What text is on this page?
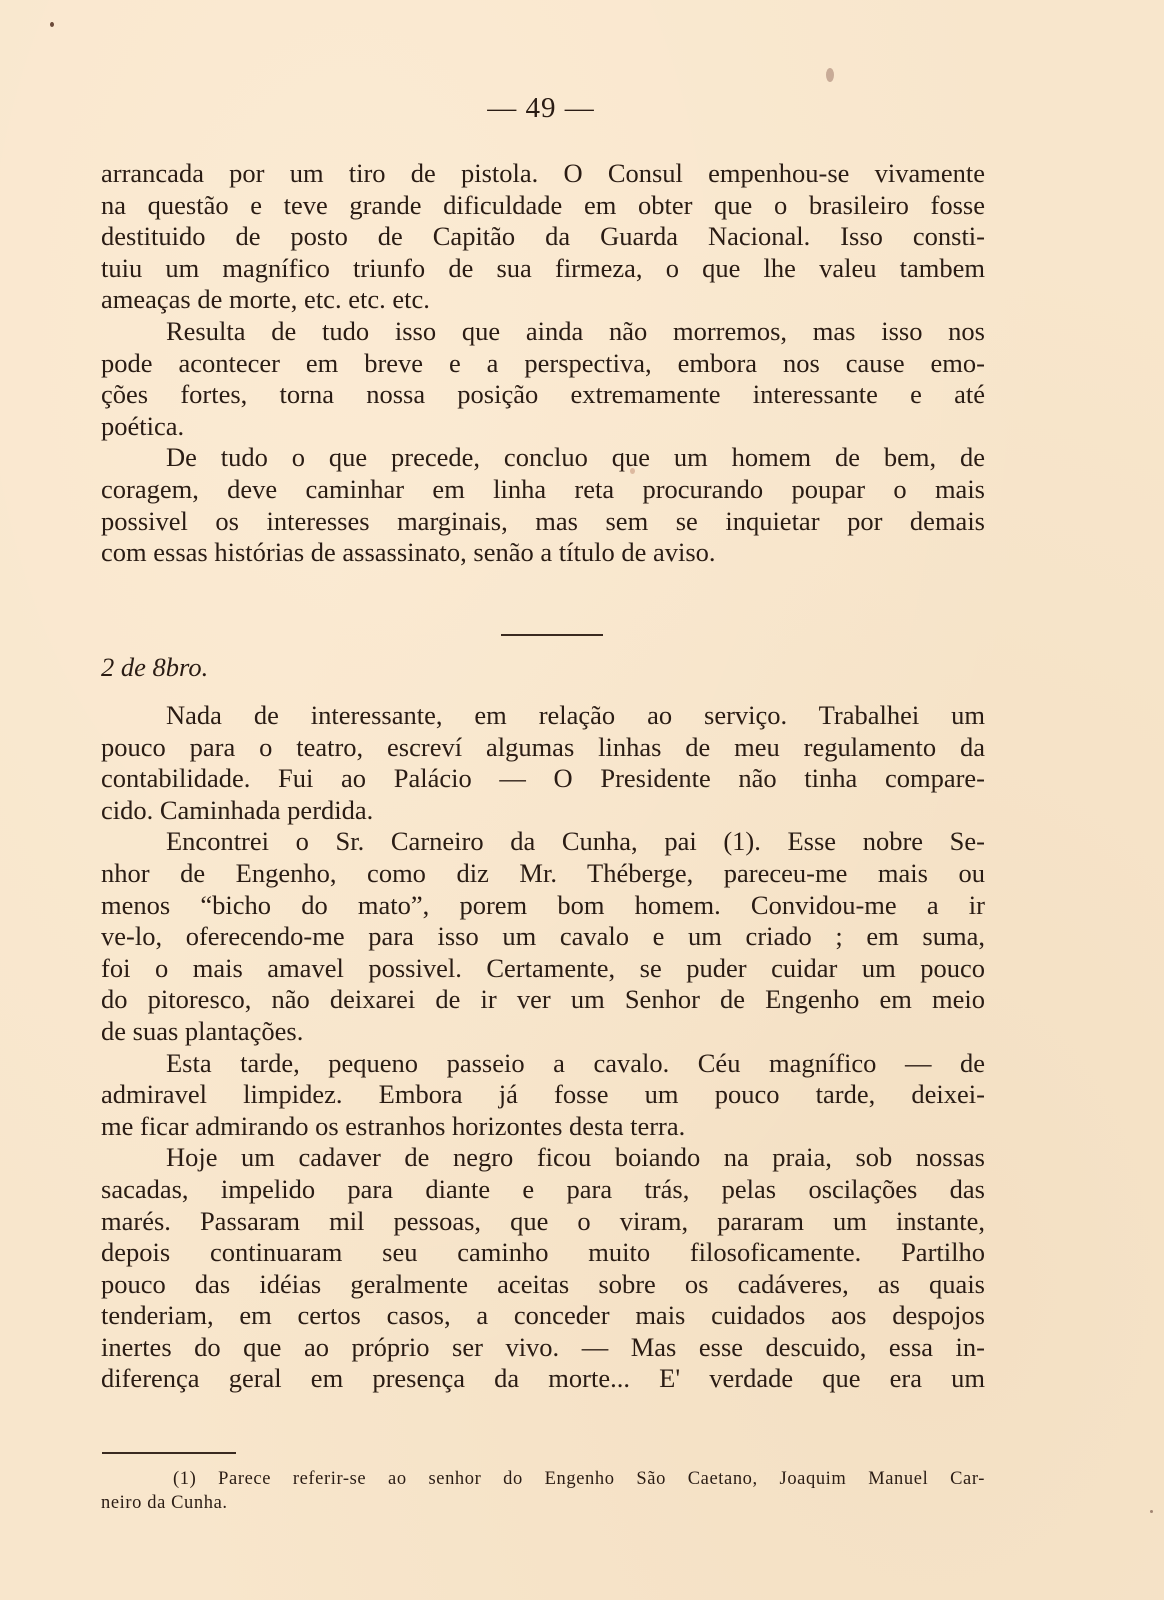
— 49 —
arrancada por um tiro de pistola. O Consul empenhou-se vivamente
na questão e teve grande dificuldade em obter que o brasileiro fosse
destituido de posto de Capitão da Guarda Nacional. Isso consti-
tuiu um magnífico triunfo de sua firmeza, o que lhe valeu tambem
ameaças de morte, etc. etc. etc.
Resulta de tudo isso que ainda não morremos, mas isso nos
pode acontecer em breve e a perspectiva, embora nos cause emo-
ções fortes, torna nossa posição extremamente interessante e até
poética.
De tudo o que precede, concluo que um homem de bem, de
coragem, deve caminhar em linha reta procurando poupar o mais
possivel os interesses marginais, mas sem se inquietar por demais
com essas histórias de assassinato, senão a título de aviso.
2 de 8bro.
Nada de interessante, em relação ao serviço. Trabalhei um
pouco para o teatro, escreví algumas linhas de meu regulamento da
contabilidade. Fui ao Palácio — O Presidente não tinha compare-
cido. Caminhada perdida.
Encontrei o Sr. Carneiro da Cunha, pai (1). Esse nobre Se-
nhor de Engenho, como diz Mr. Théberge, pareceu-me mais ou
menos “bicho do mato”, porem bom homem. Convidou-me a ir
ve-lo, oferecendo-me para isso um cavalo e um criado ; em suma,
foi o mais amavel possivel. Certamente, se puder cuidar um pouco
do pitoresco, não deixarei de ir ver um Senhor de Engenho em meio
de suas plantações.
Esta tarde, pequeno passeio a cavalo. Céu magnífico — de
admiravel limpidez. Embora já fosse um pouco tarde, deixei-
me ficar admirando os estranhos horizontes desta terra.
Hoje um cadaver de negro ficou boiando na praia, sob nossas
sacadas, impelido para diante e para trás, pelas oscilações das
marés. Passaram mil pessoas, que o viram, pararam um instante,
depois continuaram seu caminho muito filosoficamente. Partilho
pouco das idéias geralmente aceitas sobre os cadáveres, as quais
tenderiam, em certos casos, a conceder mais cuidados aos despojos
inertes do que ao próprio ser vivo. — Mas esse descuido, essa in-
diferença geral em presença da morte... E' verdade que era um
(1) Parece referir-se ao senhor do Engenho São Caetano, Joaquim Manuel Car-
neiro da Cunha.
